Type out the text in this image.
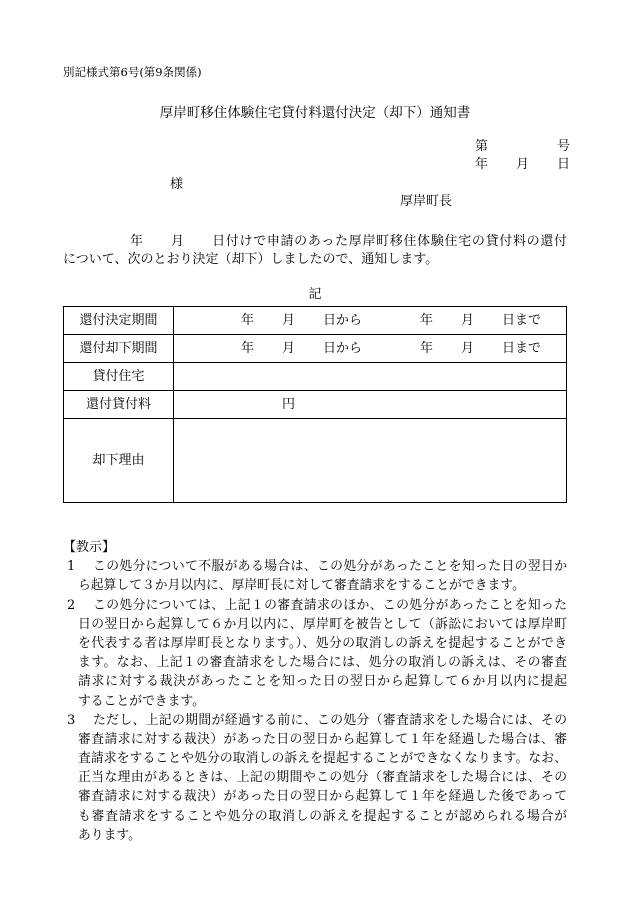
別記様式第6号(第9条関係)
厚岸町移住体験住宅貸付料還付決定（却下）通知書
第	号
年 月 日
様
厚岸町長
年　　月　　日付けで申請のあった厚岸町移住体験住宅の貸付料の還付
について、次のとおり決定（却下）しましたので、通知します。
記
還付決定期間	年 月 日から	年 月 日まで
還付却下期間	年 月 日から	年 月 日まで
貸付住宅
還付貸付料	円
却下理由
【教示】
1 この処分について不服がある場合は、この処分があったことを知った日の翌日か
ら起算して３か月以内に、厚岸町長に対して審査請求をすることができます。
2 この処分については、上記１の審査請求のほか、この処分があったことを知った
日の翌日から起算して６か月以内に、厚岸町を被告として（訴訟においては厚岸町
を代表する者は厚岸町長となります。）、処分の取消しの訴えを提起することができ
ます。なお、上記１の審査請求をした場合には、処分の取消しの訴えは、その審査
請求に対する裁決があったことを知った日の翌日から起算して６か月以内に提起
することができます。
3 ただし、上記の期間が経過する前に、この処分（審査請求をした場合には、その
審査請求に対する裁決）があった日の翌日から起算して１年を経過した場合は、審
査請求をすることや処分の取消しの訴えを提起することができなくなります。なお、
正当な理由があるときは、上記の期間やこの処分（審査請求をした場合には、その
審査請求に対する裁決）があった日の翌日から起算して１年を経過した後であって
も審査請求をすることや処分の取消しの訴えを提起することが認められる場合が
あります。
